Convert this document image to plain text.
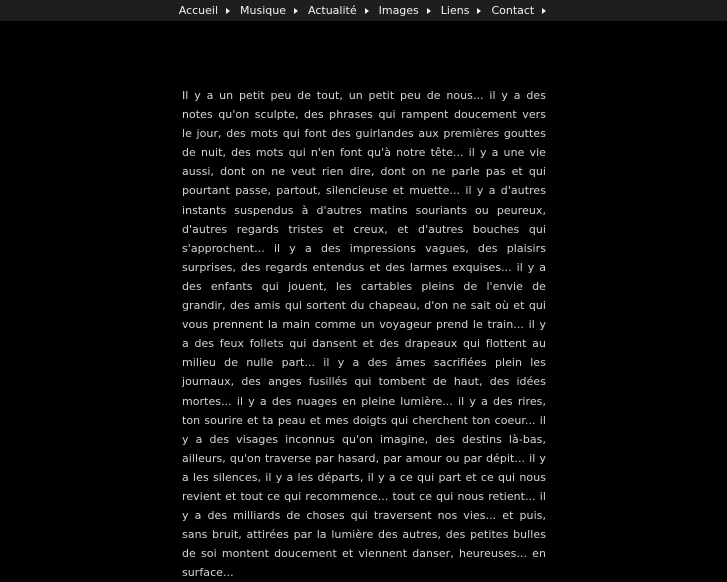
Accueil Musique Actualité Images Liens Contact

Il y a un petit peu de tout, un petit peu de nous... il y a des notes qu'on sculpte, des phrases qui rampent doucement vers le jour, des mots qui font des guirlandes aux premières gouttes de nuit, des mots qui n'en font qu'à notre tête... il y a une vie aussi, dont on ne veut rien dire, dont on ne parle pas et qui pourtant passe, partout, silencieuse et muette... il y a d'autres instants suspendus à d'autres matins souriants ou peureux, d'autres regards tristes et creux, et d'autres bouches qui s'approchent... il y a des impressions vagues, des plaisirs surprises, des regards entendus et des larmes exquises... il y a des enfants qui jouent, les cartables pleins de l'envie de grandir, des amis qui sortent du chapeau, d'on ne sait où et qui vous prennent la main comme un voyageur prend le train... il y a des feux follets qui dansent et des drapeaux qui flottent au milieu de nulle part... il y a des âmes sacrifiées plein les journaux, des anges fusillés qui tombent de haut, des idées mortes... il y a des nuages en pleine lumière... il y a des rires, ton sourire et ta peau et mes doigts qui cherchent ton coeur... il y a des visages inconnus qu'on imagine, des destins là-bas, ailleurs, qu'on traverse par hasard, par amour ou par dépit... il y a les silences, il y a les départs, il y a ce qui part et ce qui nous revient et tout ce qui recommence... tout ce qui nous retient... il y a des milliards de choses qui traversent nos vies... et puis, sans bruit, attirées par la lumière des autres, des petites bulles de soi montent doucement et viennent danser, heureuses... en surface...
